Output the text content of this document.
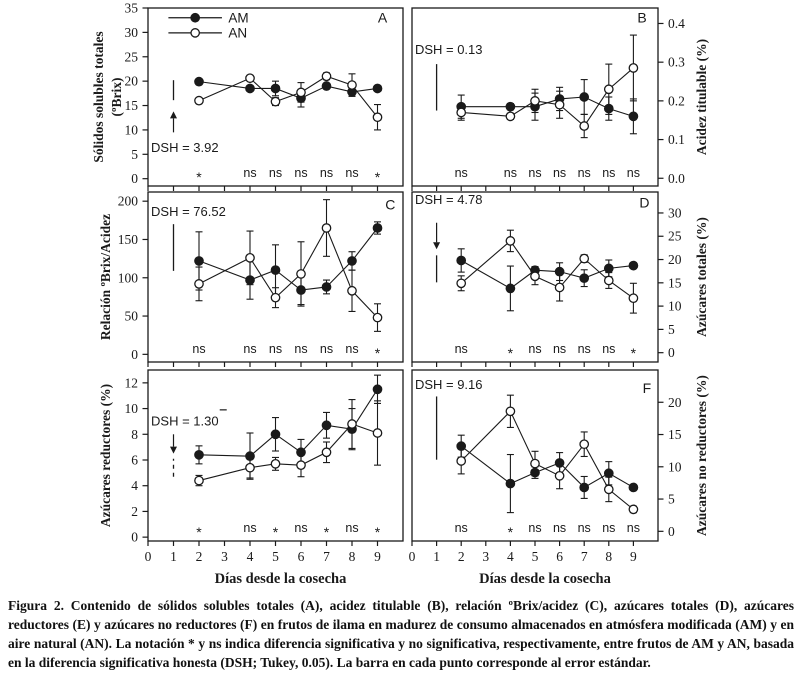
0
5
10
15
20
25
30
35
DSH = 3.92
*	ns ns ns ns ns *
A
Sólidos solubles totales (ºBrix)
AM
AN
0.0
0.1
0.2
0.3
0.4
DSH = 0.13
ns	ns ns ns ns ns ns
B
Acidez titulable (%)
0
50
100
150
200
DSH = 76.52
ns	ns ns ns ns ns *
C
Relación ºBrix/Acidez
0
5
10
15
20
25
30
DSH = 4.78
ns	* ns ns ns ns *
D
Azúcares totales (%)
0 1 2 3 4 5 6 7 8 9
0
2
4
6
8
10
12
DSH = 1.30
*	ns * ns * ns *
Azúcares reductores (%)
0 1 2 3 4 5 6 7 8 9
0
5
10
15
20
DSH = 9.16
ns	* ns ns ns ns ns
F	Azúcares no reductores (%)
Días desde la cosecha	Días desde la cosecha
Figura 2. Contenido de sólidos solubles totales (A), acidez titulable (B), relación ºBrix/acidez (C), azúcares totales (D), azúcares reductores (E) y azúcares no reductores (F) en frutos de ilama en madurez de consumo almacenados en atmósfera modificada (AM) y en aire natural (AN). La notación * y ns indica diferencia significativa y no significativa, respectivamente, entre frutos de AM y AN, basada en la diferencia significativa honesta (DSH; Tukey, 0.05). La barra en cada punto corresponde al error estándar.
